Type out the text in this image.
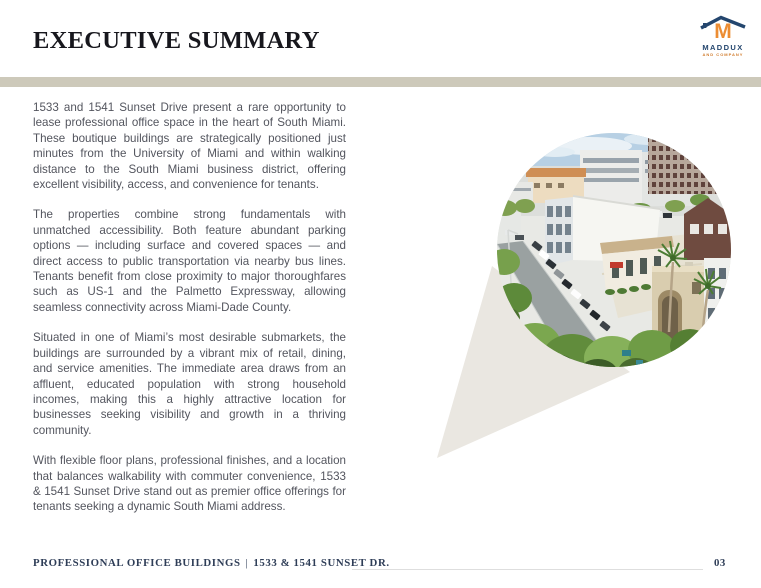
EXECUTIVE SUMMARY	M
MADDUX
AND COMPANY

1533 and 1541 Sunset Drive present a rare opportunity to lease professional office space in the heart of South Miami. These boutique buildings are strategically positioned just minutes from the University of Miami and within walking distance to the South Miami business district, offering excellent visibility, access, and convenience for tenants.

The properties combine strong fundamentals with unmatched accessibility. Both feature abundant parking options — including surface and covered spaces — and direct access to public transportation via nearby bus lines. Tenants benefit from close proximity to major thoroughfares such as US-1 and the Palmetto Expressway, allowing seamless connectivity across Miami-Dade County.

Situated in one of Miami’s most desirable submarkets, the buildings are surrounded by a vibrant mix of retail, dining, and service amenities. The immediate area draws from an affluent, educated population with strong household incomes, making this a highly attractive location for businesses seeking visibility and growth in a thriving community.

With flexible floor plans, professional finishes, and a location that balances walkability with commuter convenience, 1533 & 1541 Sunset Drive stand out as premier office offerings for tenants seeking a dynamic South Miami address.

PROFESSIONAL OFFICE BUILDINGS | 1533 & 1541 SUNSET DR.	03
